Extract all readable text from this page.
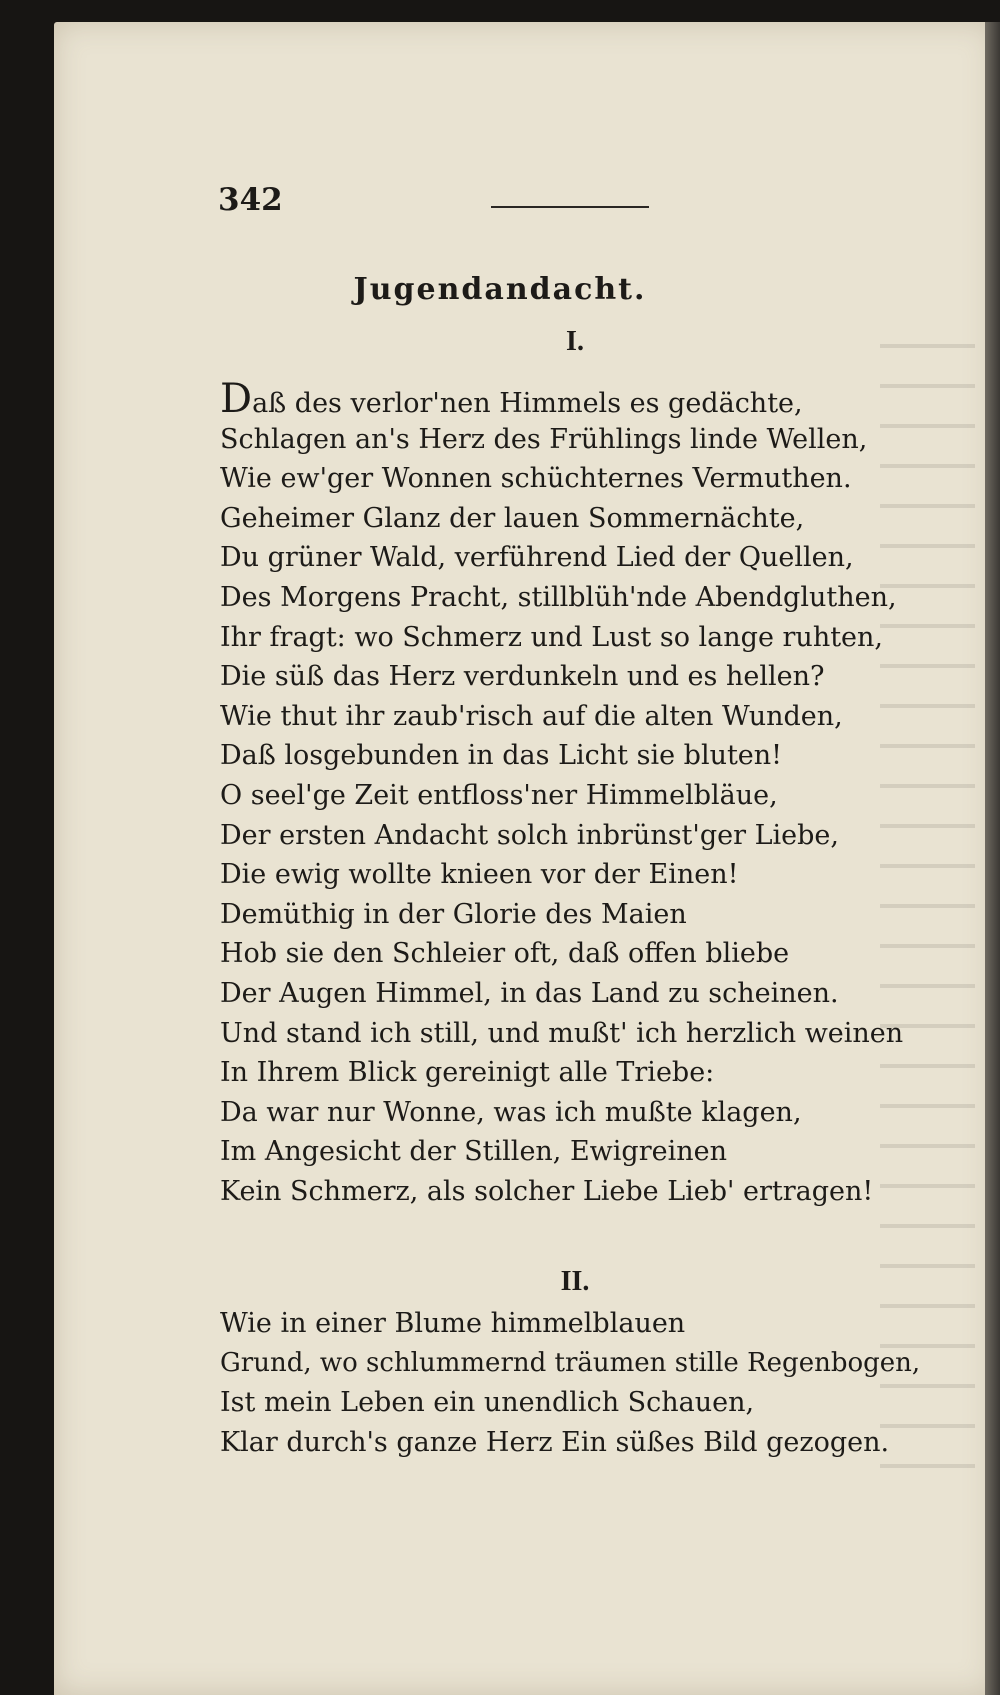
342
Jugendandacht.
I.
Daß des verlor'nen Himmels es gedächte,
Schlagen an's Herz des Frühlings linde Wellen,
Wie ew'ger Wonnen schüchternes Vermuthen.
Geheimer Glanz der lauen Sommernächte,
Du grüner Wald, verführend Lied der Quellen,
Des Morgens Pracht, stillblüh'nde Abendgluthen,
Ihr fragt: wo Schmerz und Lust so lange ruhten,
Die süß das Herz verdunkeln und es hellen?
Wie thut ihr zaub'risch auf die alten Wunden,
Daß losgebunden in das Licht sie bluten!
O seel'ge Zeit entfloss'ner Himmelbläue,
Der ersten Andacht solch inbrünst'ger Liebe,
Die ewig wollte knieen vor der Einen!
Demüthig in der Glorie des Maien
Hob sie den Schleier oft, daß offen bliebe
Der Augen Himmel, in das Land zu scheinen.
Und stand ich still, und mußt' ich herzlich weinen
In Ihrem Blick gereinigt alle Triebe:
Da war nur Wonne, was ich mußte klagen,
Im Angesicht der Stillen, Ewigreinen
Kein Schmerz, als solcher Liebe Lieb' ertragen!
II.
Wie in einer Blume himmelblauen
Grund, wo schlummernd träumen stille Regenbogen,
Ist mein Leben ein unendlich Schauen,
Klar durch's ganze Herz Ein süßes Bild gezogen.
